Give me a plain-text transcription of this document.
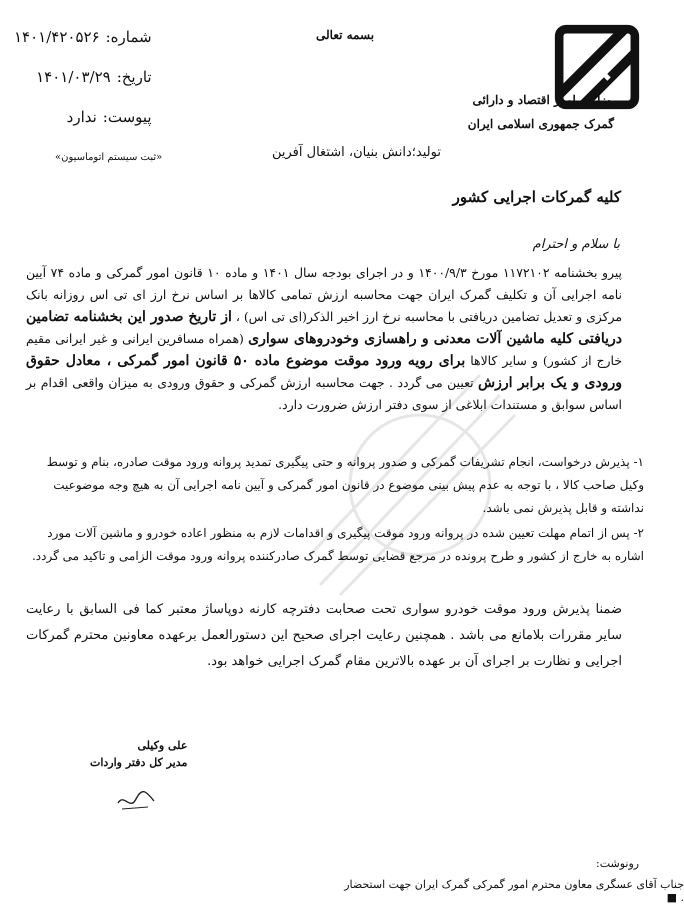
شماره:
۱۴۰۱/۴۲۰۵۲۶
تاریخ:
۱۴۰۱/۰۳/۲۹
پیوست:
ندارد
بسمه تعالی
وزارت امور اقتصاد و دارائی
گمرک جمهوری اسلامی ایران
«ثبت سیستم اتوماسیون»	تولید؛دانش بنیان، اشتغال آفرین
کلیه گمرکات اجرایی کشور
با سلام و احترام
پیرو بخشنامه ۱۱۷۲۱۰۲ مورخ ۱۴۰۰/۹/۳ و در اجرای بودجه سال ۱۴۰۱ و ماده ۱۰ قانون امور گمرکی و ماده ۷۴ آیین نامه اجرایی آن و تکلیف گمرک ایران جهت محاسبه ارزش تمامی کالاها بر اساس نرخ ارز ای تی اس روزانه بانک مرکزی و تعدیل تضامین دریافتی با محاسبه نرخ ارز اخیر الذکر(ای تی اس) ، از تاریخ صدور این بخشنامه تضامین دریافتی کلیه ماشین آلات معدنی و راهسازی وخودروهای سواری (همراه مسافرین ایرانی و غیر ایرانی مقیم خارج از کشور) و سایر کالاها برای رویه ورود موقت موضوع ماده ۵۰ قانون امور گمرکی ، معادل حقوق ورودی و یک برابر ارزش تعیین می گردد . جهت محاسبه ارزش گمرکی و حقوق ورودی به میزان واقعی اقدام بر اساس سوابق و مستندات ابلاغی از سوی دفتر ارزش ضرورت دارد.
۱- پذیرش درخواست، انجام تشریفات گمرکی و صدور پروانه و حتی پیگیری تمدید پروانه ورود موقت صادره، بنام و توسط وکیل صاحب کالا ، با توجه به عدم پیش بینی موضوع در قانون امور گمرکی و آیین نامه اجرایی آن به هیچ وجه موضوعیت نداشته و قابل پذیرش نمی باشد.
۲- پس از اتمام مهلت تعیین شده در پروانه ورود موقت پیگیری و اقدامات لازم به منظور اعاده خودرو و ماشین آلات مورد اشاره به خارج از کشور و طرح پرونده در مرجع قضایی توسط گمرک صادرکننده پروانه ورود موقت الزامی و تاکید می گردد.
ضمنا پذیرش ورود موقت خودرو سواری تحت صحابت دفترچه کارنه دوپاساژ معتبر کما فی السابق با رعایت سایر مقررات بلامانع می باشد . همچنین رعایت اجرای صحیح این دستورالعمل برعهده معاونین محترم گمرکات اجرایی و نظارت بر اجرای آن بر عهده بالاترین مقام گمرک اجرایی خواهد بود.
علی وکیلی
مدیر کل دفتر واردات
رونوشت:
جناب آقای عسگری معاون محترم امور گمرکی گمرک ایران جهت استحضار . ■
